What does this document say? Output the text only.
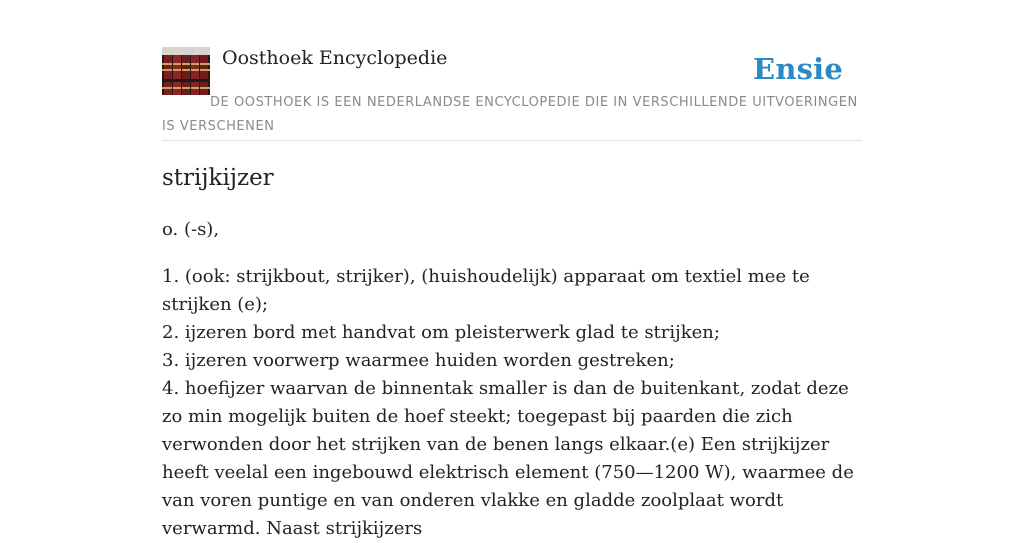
Oosthoek Encyclopedie	Ensie

DE OOSTHOEK IS EEN NEDERLANDSE ENCYCLOPEDIE DIE IN VERSCHILLENDE UITVOERINGEN IS VERSCHENEN

strijkijzer

o. (-s),

1. (ook: strijkbout, strijker), (huishoudelijk) apparaat om textiel mee te strijken (e);
2. ijzeren bord met handvat om pleisterwerk glad te strijken;
3. ijzeren voorwerp waarmee huiden worden gestreken;
4. hoefijzer waarvan de binnentak smaller is dan de buitenkant, zodat deze zo min mogelijk buiten de hoef steekt; toegepast bij paarden die zich verwonden door het strijken van de benen langs elkaar.(e) Een strijkijzer heeft veelal een ingebouwd elektrisch element (750—1200 W), waarmee de van voren puntige en van onderen vlakke en gladde zoolplaat wordt verwarmd. Naast strijkijzers
